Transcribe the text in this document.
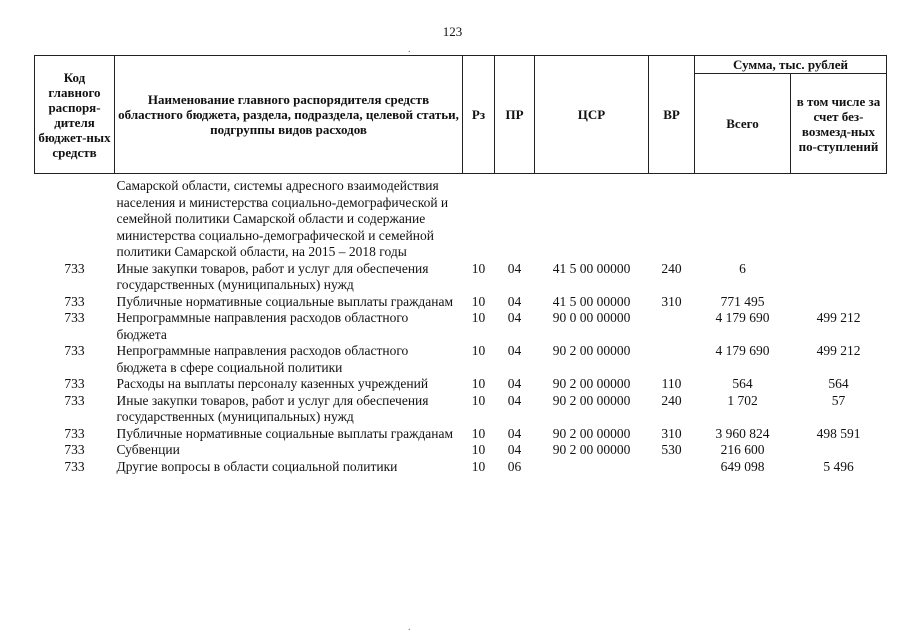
123
Код главного распоря-дителя бюджет-ных средств	Наименование главного распорядителя средств областного бюджета, раздела, подраздела, целевой статьи, подгруппы видов расходов	Рз	ПР	ЦСР	ВР	Сумма, тыс. рублей	
						Всего	в том числе за счет без-возмезд-ных по-ступлений
	Самарской области, системы адресного взаимодействия населения и министерства социально-демографической и семейной политики Самарской области и содержание министерства социально-демографической и семейной политики Самарской области, на 2015 – 2018 годы						
733	Иные закупки товаров, работ и услуг для обеспечения государственных (муниципальных) нужд	10	04	41 5 00 00000	240	6	
733	Публичные нормативные социальные выплаты гражданам	10	04	41 5 00 00000	310	771 495	
733	Непрограммные направления расходов областного бюджета	10	04	90 0 00 00000		4 179 690	499 212
733	Непрограммные направления расходов областного бюджета в сфере социальной политики	10	04	90 2 00 00000		4 179 690	499 212
733	Расходы на выплаты персоналу казенных учреждений	10	04	90 2 00 00000	110	564	564
733	Иные закупки товаров, работ и услуг для обеспечения государственных (муниципальных) нужд	10	04	90 2 00 00000	240	1 702	57
733	Публичные нормативные социальные выплаты гражданам	10	04	90 2 00 00000	310	3 960 824	498 591
733	Субвенции	10	04	90 2 00 00000	530	216 600	
733	Другие вопросы в области социальной политики	10	06			649 098	5 496
.
.
